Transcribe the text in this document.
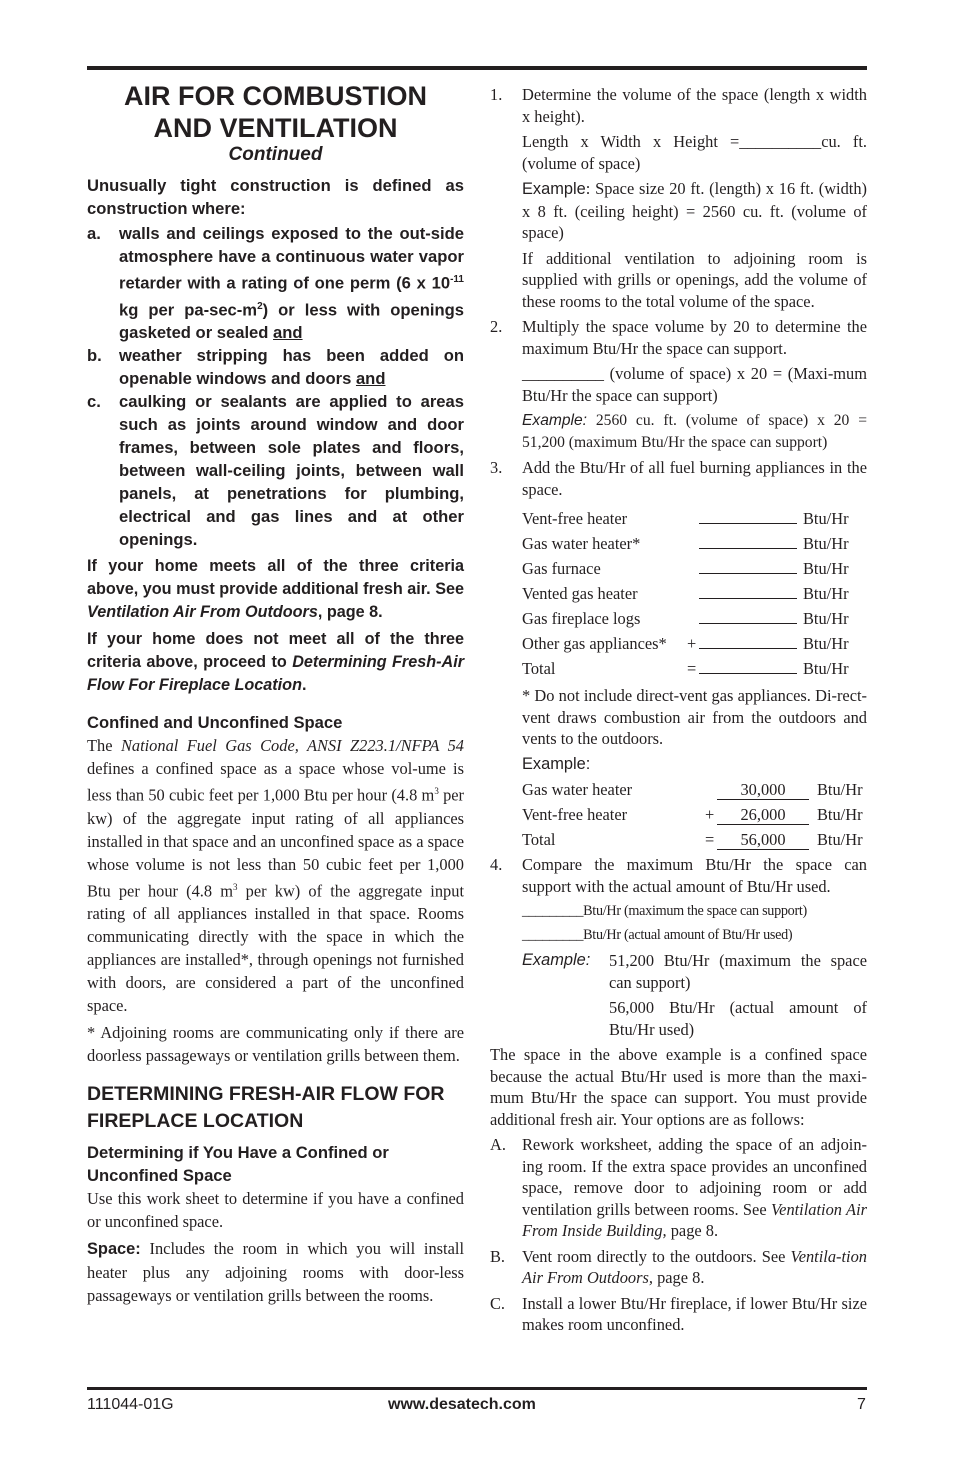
AIR FOR COMBUSTION
AND VENTILATION
Continued
Unusually tight construction is defined as construction where:
a.	walls and ceilings exposed to the out-side atmosphere have a continuous water vapor retarder with a rating of one perm (6 x $10^{-11}$ kg per $pa-\sec-m^2$) or less with openings gasketed or sealed and
b.	weather stripping has been added on openable windows and doors and
c.	caulking or sealants are applied to areas such as joints around window and door frames, between sole plates and floors, between wall-ceiling joints, between wall panels, at penetrations for plumbing, electrical and gas lines and at other openings.
If your home meets all of the three criteria above, you must provide additional fresh air. See Ventilation Air From Outdoors, page 8.
If your home does not meet all of the three criteria above, proceed to Determining Fresh-Air Flow For Fireplace Location.
Confined and Unconfined Space

The National Fuel Gas Code, ANSI Z223.1/NFPA 54 defines a confined space as a space whose vol-ume is less than 50 cubic feet per 1,000 Btu per hour (4.8 $m^3$ per kw) of the aggregate input rating of all appliances installed in that space and an unconfined space as a space whose volume is not less than 50 cubic feet per 1,000 Btu per hour (4.8 $m^3$ per kw) of the aggregate input rating of all appliances installed in that space. Rooms communicating directly with the space in which the appliances are installed*, through openings not furnished with doors, are considered a part of the unconfined space.

* Adjoining rooms are communicating only if there are doorless passageways or ventilation grills between them.

DETERMINING FRESH-AIR FLOW FOR FIREPLACE LOCATION
Determining if You Have a Confined or Unconfined Space

Use this work sheet to determine if you have a confined or unconfined space.

Space: Includes the room in which you will install heater plus any adjoining rooms with door-less passageways or ventilation grills between the rooms.

1.	Determine the volume of the space (length x width x height).

Length x Width x Height =__________cu. ft. (volume of space)

Example: Space size 20 ft. (length) x 16 ft. (width) x 8 ft. (ceiling height) = 2560 cu. ft. (volume of space)

If additional ventilation to adjoining room is supplied with grills or openings, add the volume of these rooms to the total volume of the space.

2.	Multiply the space volume by 20 to determine the maximum Btu/Hr the space can support.

__________ (volume of space) x 20 = (Maxi-mum Btu/Hr the space can support)

Example: 2560 cu. ft. (volume of space) x 20 = 51,200 (maximum Btu/Hr the space can support)

3.	Add the Btu/Hr of all fuel burning appliances in the space.

Vent-free heater			Btu/Hr
Gas water heater*			Btu/Hr
Gas furnace			Btu/Hr
Vented gas heater			Btu/Hr
Gas fireplace logs			Btu/Hr
Other gas appliances*	+		Btu/Hr
Total	=		Btu/Hr

* Do not include direct-vent gas appliances. Di-rect-vent draws combustion air from the outdoors and vents to the outdoors.

Example:

Gas water heater		30,000	Btu/Hr
Vent-free heater	+	26,000	Btu/Hr
Total	=	56,000	Btu/Hr
4.	Compare the maximum Btu/Hr the space can support with the actual amount of Btu/Hr used.

_________Btu/Hr (maximum the space can support)

_________Btu/Hr (actual amount of Btu/Hr used)

Example:	51,200 Btu/Hr (maximum the space can support)

56,000 Btu/Hr (actual amount of Btu/Hr used)

The space in the above example is a confined space because the actual Btu/Hr used is more than the maxi-mum Btu/Hr the space can support. You must provide additional fresh air. Your options are as follows:

A. Rework worksheet, adding the space of an adjoin-ing room. If the extra space provides an unconfined space, remove door to adjoining room or add ventilation grills between rooms. See Ventilation Air From Inside Building, page 8.

B.	Vent room directly to the outdoors. See Ventila-tion Air From Outdoors, page 8.

C.	Install a lower Btu/Hr fireplace, if lower Btu/Hr size makes room unconfined.

111044-01G	www.desatech.com	7
